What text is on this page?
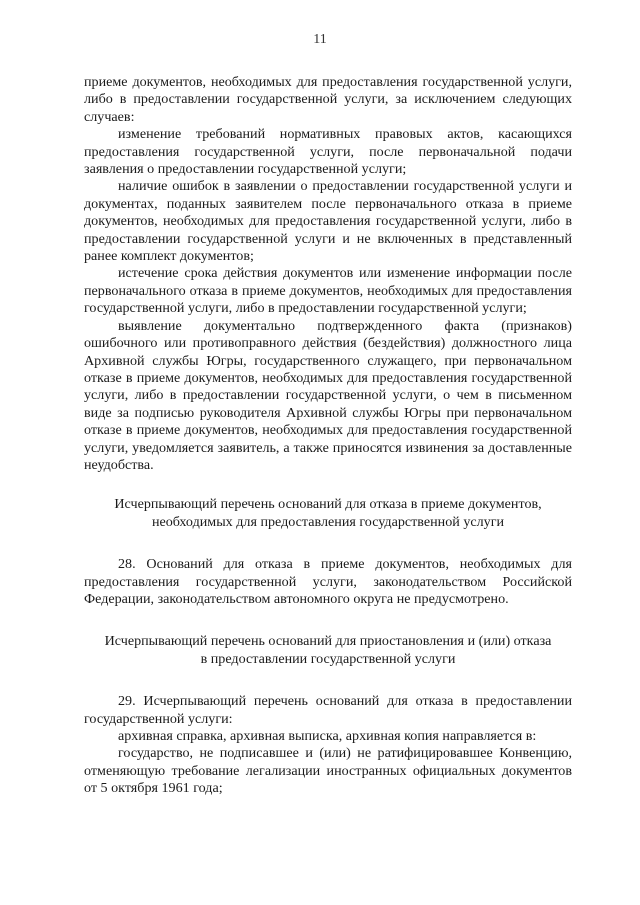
11

приеме документов, необходимых для предоставления государственной услуги, либо в предоставлении государственной услуги, за исключением следующих случаев:

изменение требований нормативных правовых актов, касающихся предоставления государственной услуги, после первоначальной подачи заявления о предоставлении государственной услуги;

наличие ошибок в заявлении о предоставлении государственной услуги и документах, поданных заявителем после первоначального отказа в приеме документов, необходимых для предоставления государственной услуги, либо в предоставлении государственной услуги и не включенных в представленный ранее комплект документов;

истечение срока действия документов или изменение информации после первоначального отказа в приеме документов, необходимых для предоставления государственной услуги, либо в предоставлении государственной услуги;

выявление документально подтвержденного факта (признаков) ошибочного или противоправного действия (бездействия) должностного лица Архивной службы Югры, государственного служащего, при первоначальном отказе в приеме документов, необходимых для предоставления государственной услуги, либо в предоставлении государственной услуги, о чем в письменном виде за подписью руководителя Архивной службы Югры при первоначальном отказе в приеме документов, необходимых для предоставления государственной услуги, уведомляется заявитель, а также приносятся извинения за доставленные неудобства.

Исчерпывающий перечень оснований для отказа в приеме документов,
необходимых для предоставления государственной услуги

28. Оснований для отказа в приеме документов, необходимых для предоставления государственной услуги, законодательством Российской Федерации, законодательством автономного округа не предусмотрено.

Исчерпывающий перечень оснований для приостановления и (или) отказа
в предоставлении государственной услуги

29. Исчерпывающий перечень оснований для отказа в предоставлении государственной услуги:

архивная справка, архивная выписка, архивная копия направляется в:

государство, не подписавшее и (или) не ратифицировавшее Конвенцию, отменяющую требование легализации иностранных официальных документов от 5 октября 1961 года;
